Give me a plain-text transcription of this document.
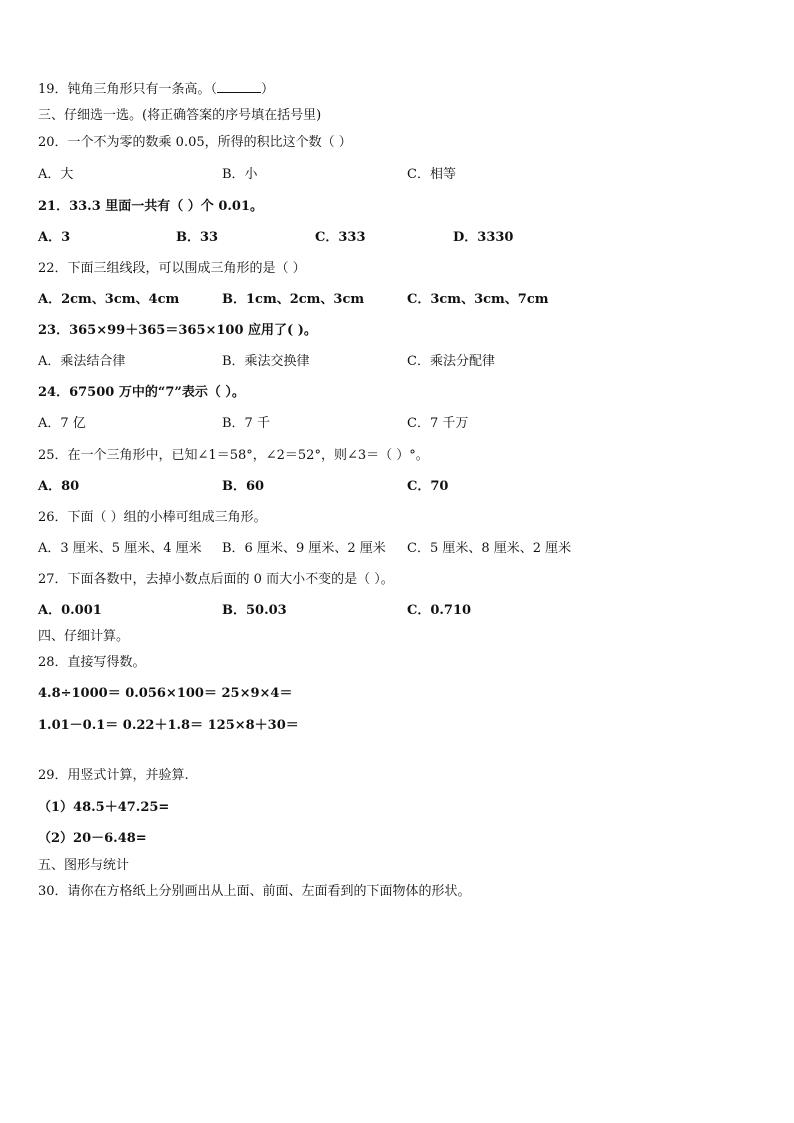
19．钝角三角形只有一条高。（	）
三、仔细选一选。(将正确答案的序号填在括号里)
20．一个不为零的数乘 0.05，所得的积比这个数（ ）
A．大	B．小	C．相等
21．33.3 里面一共有（ ）个 0.01。
A．3	B．33	C．333	D．3330
22．下面三组线段，可以围成三角形的是（ ）
A．2cm、3cm、4cm	B．1cm、2cm、3cm	C．3cm、3cm、7cm
23．365×99＋365＝365×100 应用了( )。
A．乘法结合律	B．乘法交换律	C．乘法分配律
24．67500 万中的“7”表示（ ）。
A．7 亿	B．7 千	C．7 千万
25．在一个三角形中，已知∠1＝58°，∠2＝52°，则∠3＝（ ）°。
A．80	B．60	C．70
26．下面（ ）组的小棒可组成三角形。
A．3 厘米、5 厘米、4 厘米 B．6 厘米、9 厘米、2 厘米 C．5 厘米、8 厘米、2 厘米
27．下面各数中，去掉小数点后面的 0 而大小不变的是（ ）。
A．0.001	B．50.03	C．0.710
四、仔细计算。
28．直接写得数。
4.8÷1000＝ 0.056×100＝ 25×9×4＝
1.01－0.1＝ 0.22＋1.8＝ 125×8＋30＝
29．用竖式计算，并验算.
（1）48.5＋47.25=
（2）20－6.48=
五、图形与统计
30．请你在方格纸上分别画出从上面、前面、左面看到的下面物体的形状。
